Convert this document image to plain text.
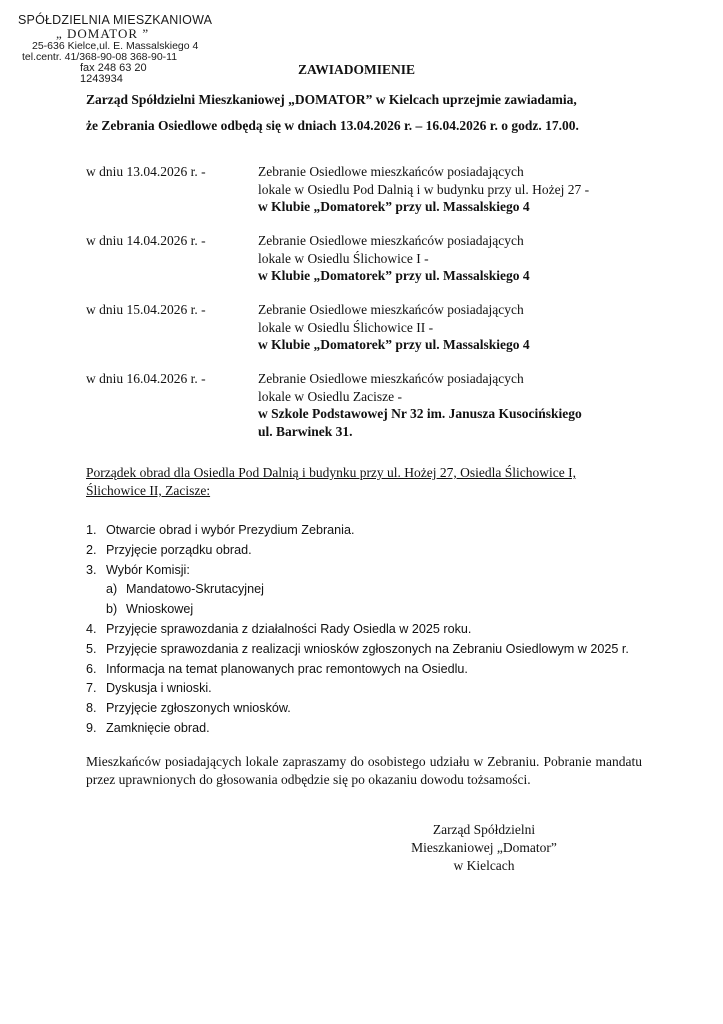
SPÓŁDZIELNIA MIESZKANIOWA
„ DOMATOR ”
25-636 Kielce,ul. E. Massalskiego 4
tel.centr. 41/368-90-08 368-90-11
fax 248 63 20
1243934
ZAWIADOMIENIE

Zarząd Spółdzielni Mieszkaniowej „DOMATOR” w Kielcach uprzejmie zawiadamia,

że Zebrania Osiedlowe odbędą się w dniach 13.04.2026 r. – 16.04.2026 r. o godz. 17.00.

w dniu 13.04.2026 r. -	Zebranie Osiedlowe mieszkańców posiadających
lokale w Osiedlu Pod Dalnią i w budynku przy ul. Hożej 27 -
w Klubie „Domatorek” przy ul. Massalskiego 4
w dniu 14.04.2026 r. -	Zebranie Osiedlowe mieszkańców posiadających
lokale w Osiedlu Ślichowice I -
w Klubie „Domatorek” przy ul. Massalskiego 4
w dniu 15.04.2026 r. -	Zebranie Osiedlowe mieszkańców posiadających
lokale w Osiedlu Ślichowice II -
w Klubie „Domatorek” przy ul. Massalskiego 4
w dniu 16.04.2026 r. -	Zebranie Osiedlowe mieszkańców posiadających
lokale w Osiedlu Zacisze -
w Szkole Podstawowej Nr 32 im. Janusza Kusocińskiego
ul. Barwinek 31.
Porządek obrad dla Osiedla Pod Dalnią i budynku przy ul. Hożej 27, Osiedla Ślichowice I,
Ślichowice II, Zacisze:
1. Otwarcie obrad i wybór Prezydium Zebrania.
2. Przyjęcie porządku obrad.
3. Wybór Komisji:
a) Mandatowo-Skrutacyjnej
b) Wnioskowej
4. Przyjęcie sprawozdania z działalności Rady Osiedla w 2025 roku.
5. Przyjęcie sprawozdania z realizacji wniosków zgłoszonych na Zebraniu Osiedlowym w 2025 r.
6. Informacja na temat planowanych prac remontowych na Osiedlu.
7. Dyskusja i wnioski.
8. Przyjęcie zgłoszonych wniosków.
9. Zamknięcie obrad.

Mieszkańców posiadających lokale zapraszamy do osobistego udziału w Zebraniu. Pobranie mandatu przez uprawnionych do głosowania odbędzie się po okazaniu dowodu tożsamości.

Zarząd Spółdzielni
Mieszkaniowej „Domator”
w Kielcach
